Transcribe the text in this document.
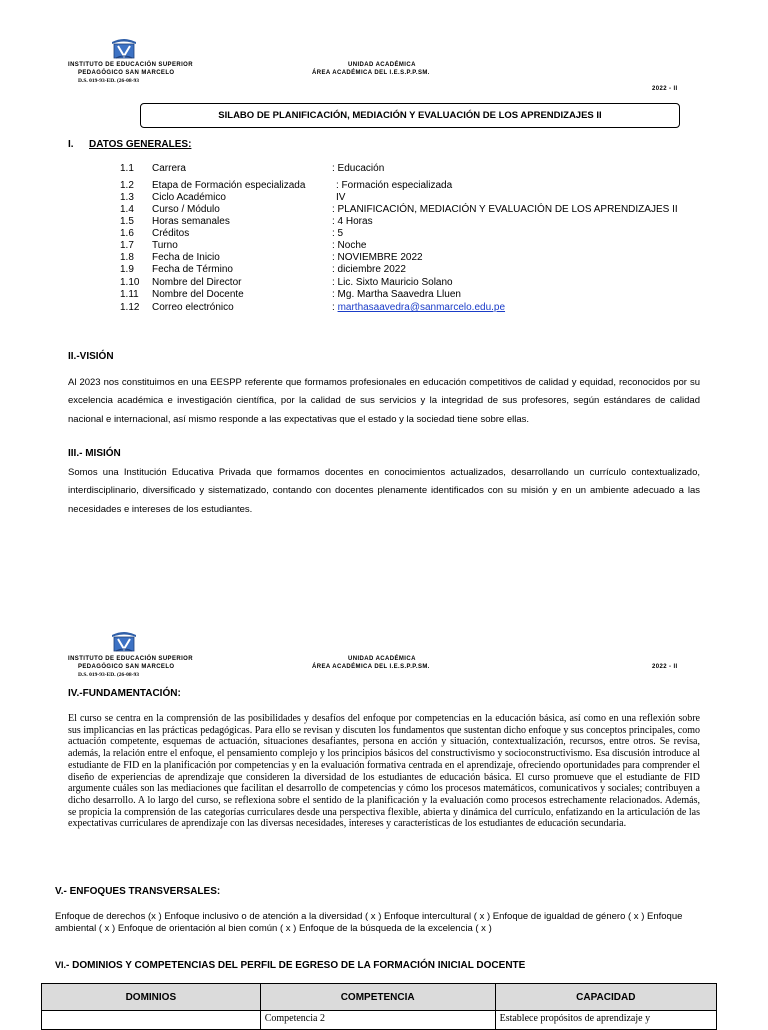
INSTITUTO DE EDUCACIÓN SUPERIOR
PEDAGÓGICO SAN MARCELO
D.S. 019-93-ED. (26-08-93
UNIDAD ACADÉMICA
ÁREA ACADÉMICA DEL I.E.S.P.P.SM.
2022 - II
SILABO DE PLANIFICACIÓN, MEDIACIÓN Y EVALUACIÓN DE LOS APRENDIZAJES II
I. DATOS GENERALES:
1.1 Carrera	: Educación
1.2 Etapa de Formación especializada	: Formación especializada
1.3 Ciclo Académico	IV
1.4 Curso / Módulo	: PLANIFICACIÓN, MEDIACIÓN Y EVALUACIÓN DE LOS APRENDIZAJES II
1.5 Horas semanales	: 4 Horas
1.6 Créditos	: 5
1.7 Turno	: Noche
1.8 Fecha de Inicio	: NOVIEMBRE 2022
1.9 Fecha de Término	: diciembre 2022
1.10 Nombre del Director	: Lic. Sixto Mauricio Solano
1.11 Nombre del Docente	: Mg. Martha Saavedra Lluen
1.12 Correo electrónico	: marthasaavedra@sanmarcelo.edu.pe
II.-VISIÓN
Al 2023 nos constituimos en una EESPP referente que formamos profesionales en educación competitivos de calidad y equidad, reconocidos por su excelencia académica e investigación científica, por la calidad de sus servicios y la integridad de sus profesores, según estándares de calidad nacional e internacional, así mismo responde a las expectativas que el estado y la sociedad tiene sobre ellas.
III.- MISIÓN
Somos una Institución Educativa Privada que formamos docentes en conocimientos actualizados, desarrollando un currículo contextualizado, interdisciplinario, diversificado y sistematizado, contando con docentes plenamente identificados con su misión y en un ambiente adecuado a las necesidades e intereses de los estudiantes.
INSTITUTO DE EDUCACIÓN SUPERIOR
PEDAGÓGICO SAN MARCELO
D.S. 019-93-ED. (26-08-93
UNIDAD ACADÉMICA
ÁREA ACADÉMICA DEL I.E.S.P.P.SM.	2022 - II
IV.-FUNDAMENTACIÓN:
El curso se centra en la comprensión de las posibilidades y desafíos del enfoque por competencias en la educación básica, así como en una reflexión sobre sus implicancias en las prácticas pedagógicas. Para ello se revisan y discuten los fundamentos que sustentan dicho enfoque y sus conceptos principales, como actuación competente, esquemas de actuación, situaciones desafiantes, persona en acción y situación, contextualización, recursos, entre otros. Se revisa, además, la relación entre el enfoque, el pensamiento complejo y los principios básicos del constructivismo y socioconstructivismo. Esa discusión introduce al estudiante de FID en la planificación por competencias y en la evaluación formativa centrada en el aprendizaje, ofreciendo oportunidades para comprender el diseño de experiencias de aprendizaje que consideren la diversidad de los estudiantes de educación básica. El curso promueve que el estudiante de FID argumente cuáles son las mediaciones que facilitan el desarrollo de competencias y cómo los procesos matemáticos, comunicativos y sociales; contribuyen a dicho desarrollo. A lo largo del curso, se reflexiona sobre el sentido de la planificación y la evaluación como procesos estrechamente relacionados. Además, se propicia la comprensión de las categorías curriculares desde una perspectiva flexible, abierta y dinámica del currículo, enfatizando en la articulación de las expectativas curriculares de aprendizaje con las diversas necesidades, intereses y características de los estudiantes de educación secundaria.
V.- ENFOQUES TRANSVERSALES:
Enfoque de derechos (x ) Enfoque inclusivo o de atención a la diversidad ( x ) Enfoque intercultural ( x ) Enfoque de igualdad de género ( x ) Enfoque ambiental ( x ) Enfoque de orientación al bien común ( x ) Enfoque de la búsqueda de la excelencia ( x )
VI.- DOMINIOS Y COMPETENCIAS DEL PERFIL DE EGRESO DE LA FORMACIÓN INICIAL DOCENTE
DOMINIOS	COMPETENCIA	CAPACIDAD
	Competencia 2	Establece propósitos de aprendizaje y
